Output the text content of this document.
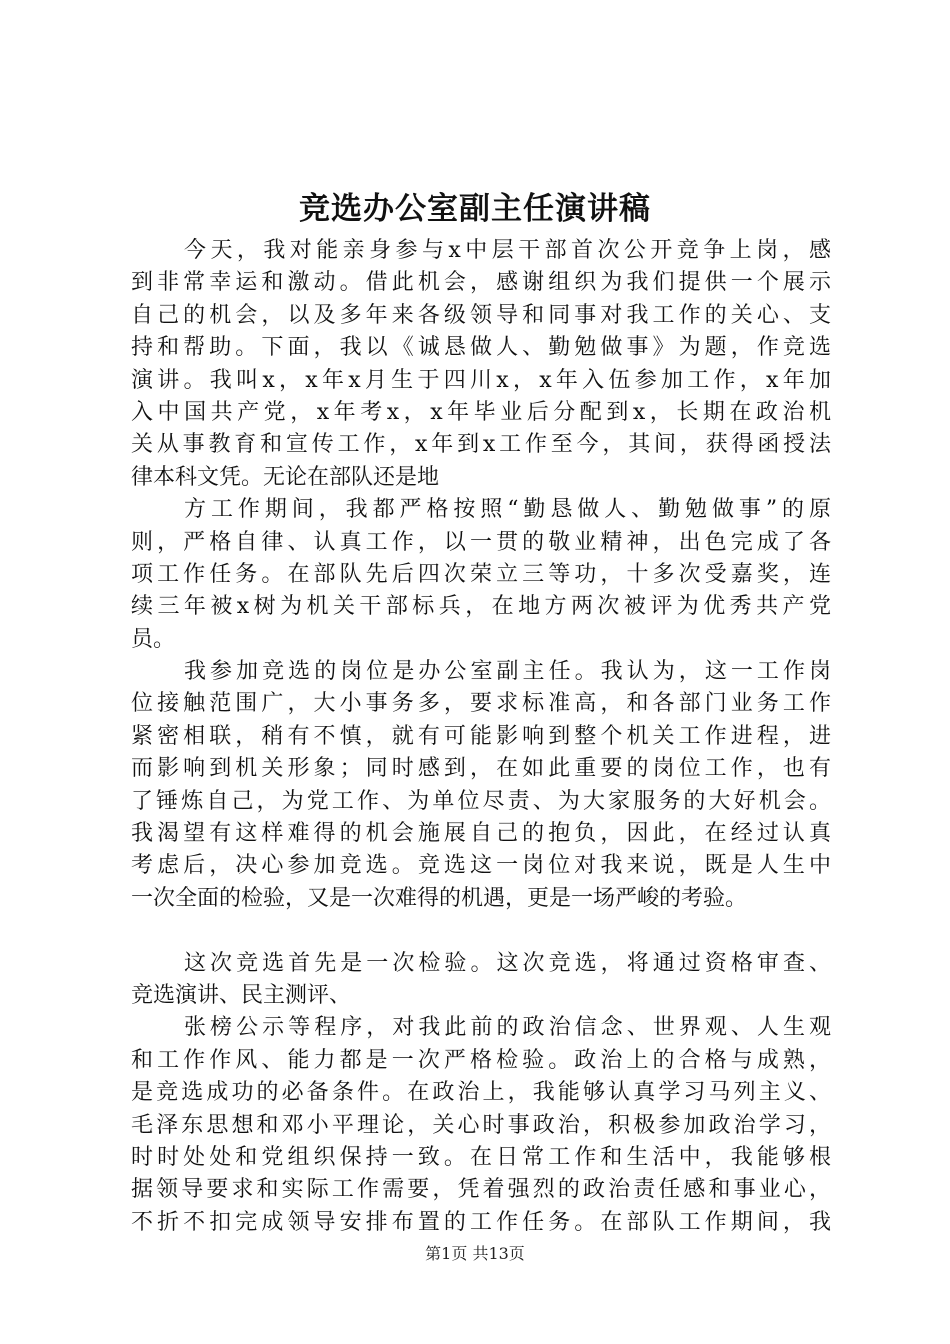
竞选办公室副主任演讲稿
今天，我对能亲身参与x中层干部首次公开竞争上岗，感
到非常幸运和激动。借此机会，感谢组织为我们提供一个展示
自己的机会，以及多年来各级领导和同事对我工作的关心、支
持和帮助。下面，我以《诚恳做人、勤勉做事》为题，作竞选
演讲。我叫x，x年x月生于四川x，x年入伍参加工作，x年加
入中国共产党，x年考x，x年毕业后分配到x，长期在政治机
关从事教育和宣传工作，x年到x工作至今，其间，获得函授法
律本科文凭。无论在部队还是地
方工作期间，我都严格按照“勤恳做人、勤勉做事”的原
则，严格自律、认真工作，以一贯的敬业精神，出色完成了各
项工作任务。在部队先后四次荣立三等功，十多次受嘉奖，连
续三年被x树为机关干部标兵，在地方两次被评为优秀共产党
员。
我参加竞选的岗位是办公室副主任。我认为，这一工作岗
位接触范围广，大小事务多，要求标准高，和各部门业务工作
紧密相联，稍有不慎，就有可能影响到整个机关工作进程，进
而影响到机关形象；同时感到，在如此重要的岗位工作，也有
了锤炼自己，为党工作、为单位尽责、为大家服务的大好机会。
我渴望有这样难得的机会施展自己的抱负，因此，在经过认真
考虑后，决心参加竞选。竞选这一岗位对我来说，既是人生中
一次全面的检验，又是一次难得的机遇，更是一场严峻的考验。
这次竞选首先是一次检验。这次竞选，将通过资格审查、
竞选演讲、民主测评、
张榜公示等程序，对我此前的政治信念、世界观、人生观
和工作作风、能力都是一次严格检验。政治上的合格与成熟，
是竞选成功的必备条件。在政治上，我能够认真学习马列主义、
毛泽东思想和邓小平理论，关心时事政治，积极参加政治学习，
时时处处和党组织保持一致。在日常工作和生活中，我能够根
据领导要求和实际工作需要，凭着强烈的政治责任感和事业心，
不折不扣完成领导安排布置的工作任务。在部队工作期间，我
第1页 共13页
